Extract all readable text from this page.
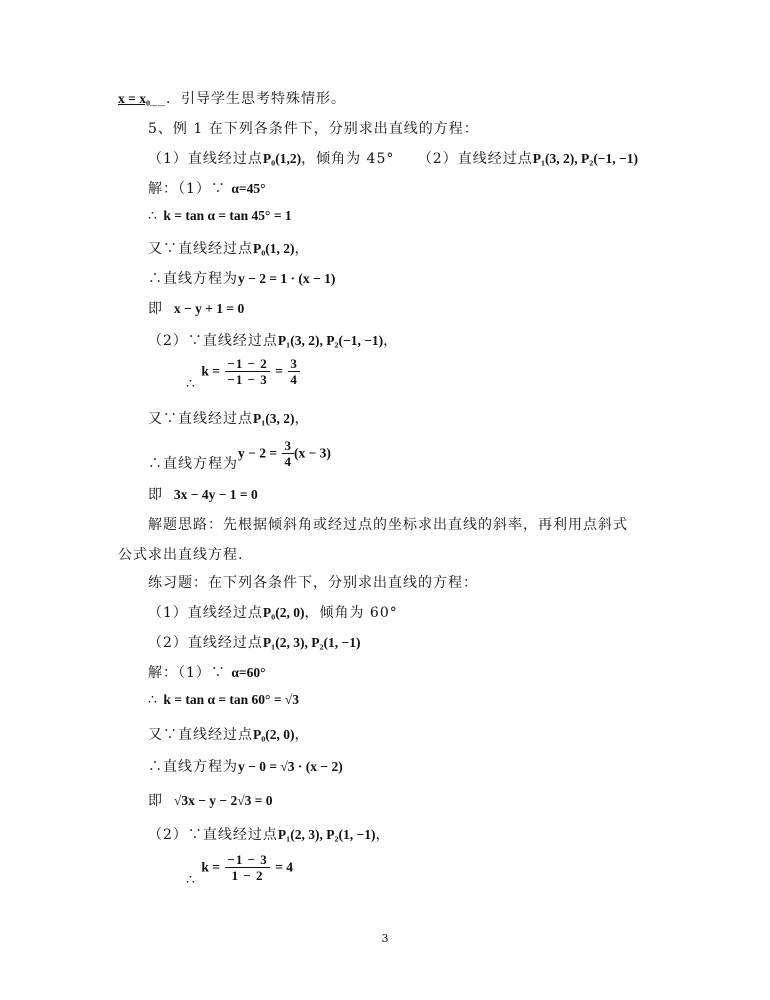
x = x₀__．引导学生思考特殊情形。
5、例 1 在下列各条件下，分别求出直线的方程：
（1）直线经过点P₀(1,2)，倾角为 45° （2）直线经过点P₁(3, 2), P₂(−1, −1)
解：（1）∵ α=45°
∴ k = tan α = tan 45° = 1
又∵直线经过点P₀(1, 2)，
∴直线方程为y − 2 = 1 · (x − 1)
即 x − y + 1 = 0
（2）∵直线经过点P₁(3, 2), P₂(−1, −1)，
∴ $k = \frac{-1 - 2}{-1 - 3} = \frac{3}{4}$
又∵直线经过点P₁(3, 2)，
∴直线方程为$y - 2 = \frac{3}{4} (x - 3)$
即 3x − 4y − 1 = 0
解题思路：先根据倾斜角或经过点的坐标求出直线的斜率，再利用点斜式
公式求出直线方程.
练习题：在下列各条件下，分别求出直线的方程：
（1）直线经过点P₀(2, 0)，倾角为 60°
（2）直线经过点P₁(2, 3), P₂(1, −1)
解：（1）∵ α=60°
∴ k = tan α = tan 60° = √3
又∵直线经过点P₀(2, 0)，
∴直线方程为y − 0 = √3 · (x − 2)
即 √3x − y − 2√3 = 0
（2）∵直线经过点P₁(2, 3), P₂(1, −1)，
∴ $k = \frac{-1 - 3}{1 - 2} = 4$
3
